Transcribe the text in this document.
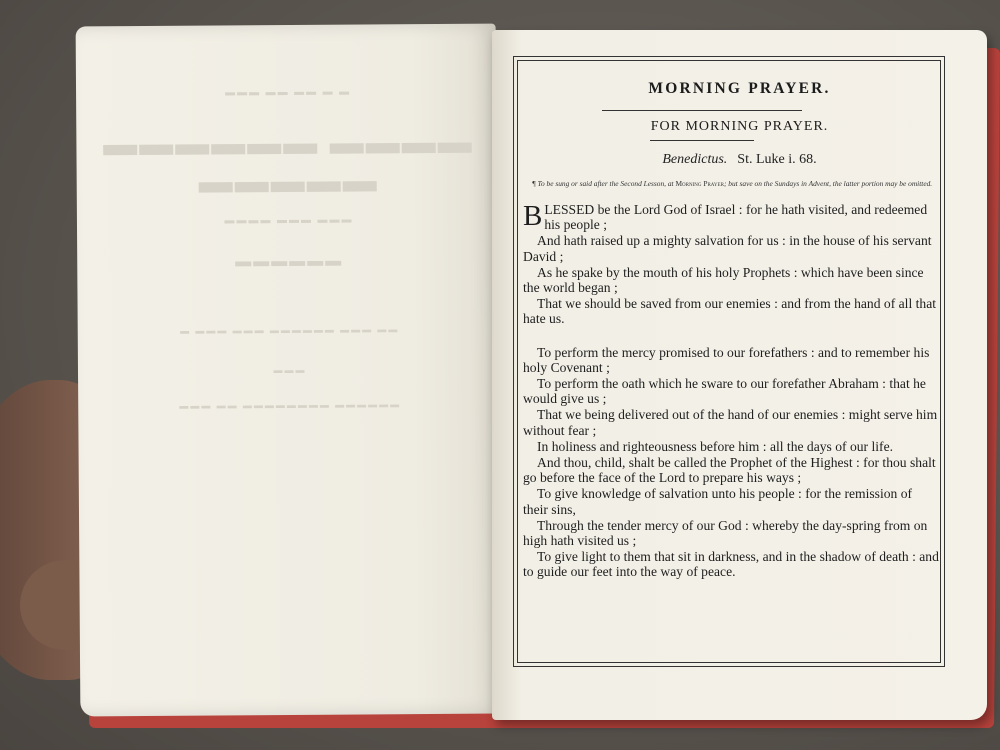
▬ ▬ ▬▬ ▬▬ ▬▬▬
▬▬▬▬ ▬▬▬▬▬▬ ▬▬▬▬▬
▬▬▬ ▬▬▬ ▬▬▬▬
▬▬▬▬▬▬
▬▬ ▬▬▬ ▬▬▬▬▬▬ ▬▬▬ ▬▬▬ ▬
▬▬▬
▬▬▬▬▬▬ ▬▬▬▬▬▬▬▬ ▬▬ ▬▬▬
MORNING PRAYER.
FOR MORNING PRAYER.
Benedictus. St. Luke i. 68.
¶ To be sung or said after the Second Lesson, at Morning Prayer; but save on the Sundays in Advent, the latter portion may be omitted.

BLESSED be the Lord God of Israel : for he hath visited, and redeemed his people ;

And hath raised up a mighty salvation for us : in the house of his servant David ;

As he spake by the mouth of his holy Prophets : which have been since the world began ;

That we should be saved from our enemies : and from the hand of all that hate us.

To perform the mercy promised to our forefathers : and to remember his holy Covenant ;

To perform the oath which he sware to our forefather Abraham : that he would give us ;

That we being delivered out of the hand of our enemies : might serve him without fear ;

In holiness and righteousness before him : all the days of our life.

And thou, child, shalt be called the Prophet of the Highest : for thou shalt go before the face of the Lord to prepare his ways ;

To give knowledge of salvation unto his people : for the remission of their sins,

Through the tender mercy of our God : whereby the day-spring from on high hath visited us ;

To give light to them that sit in darkness, and in the shadow of death : and to guide our feet into the way of peace.
